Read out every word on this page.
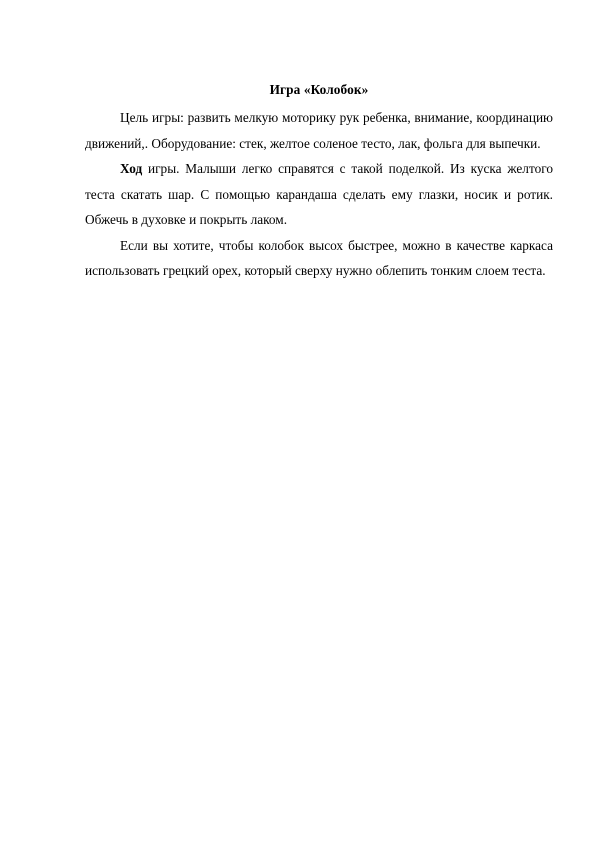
Игра «Колобок»

Цель игры: развить мелкую моторику рук ребенка, внимание, координацию движений,. Оборудование: стек, желтое соленое тесто, лак, фольга для выпечки.

Ход игры. Малыши легко справятся с такой поделкой. Из куска желтого теста скатать шар. С помощью карандаша сделать ему глазки, носик и ротик. Обжечь в духовке и покрыть лаком.

Если вы хотите, чтобы колобок высох быстрее, можно в качестве каркаса использовать грецкий орех, который сверху нужно облепить тонким слоем теста.
